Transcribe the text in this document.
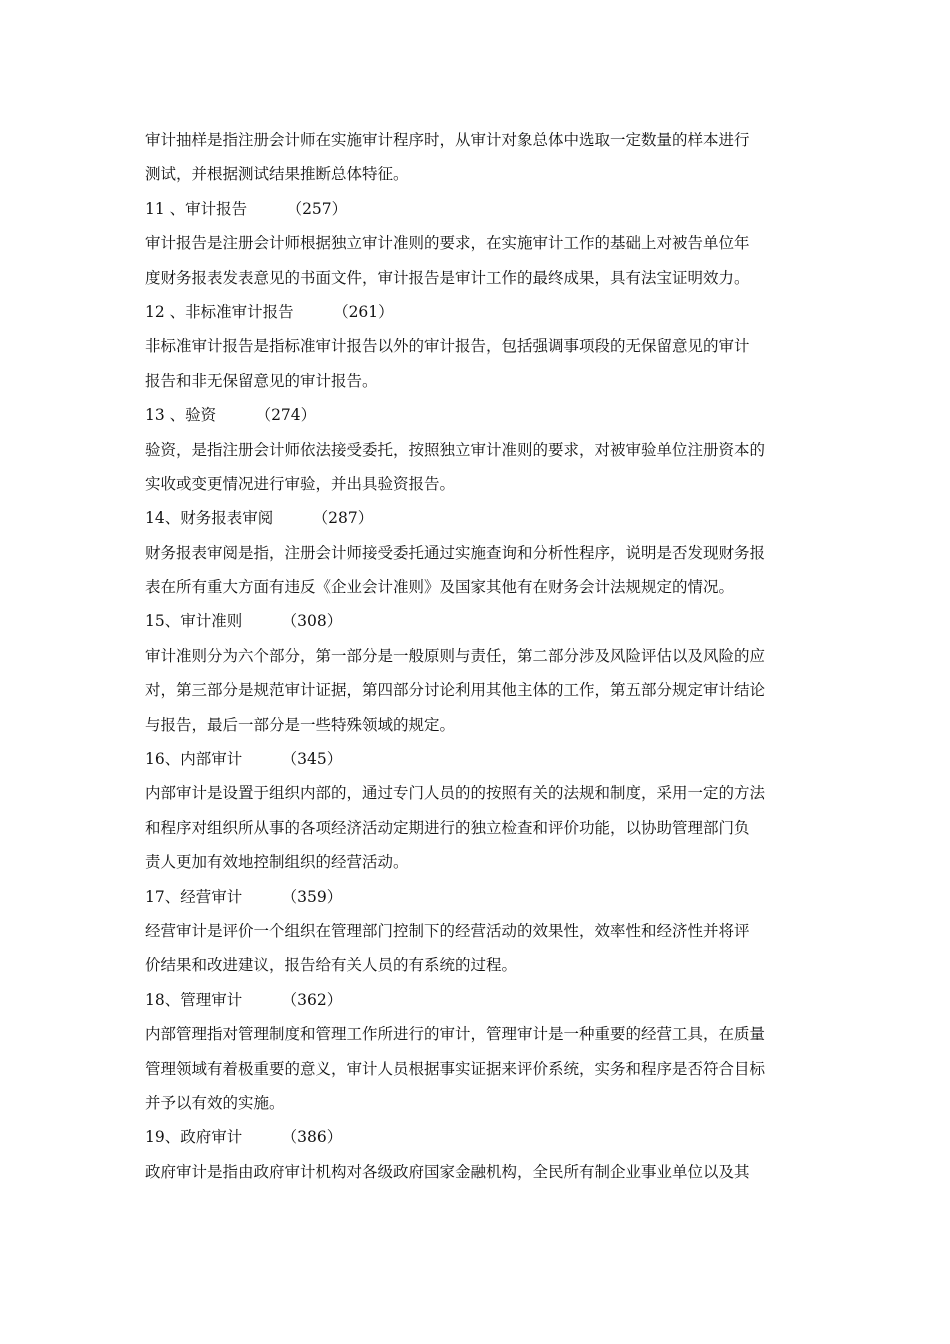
审计抽样是指注册会计师在实施审计程序时，从审计对象总体中选取一定数量的样本进行
测试，并根据测试结果推断总体特征。
11 、审计报告        （257）
审计报告是注册会计师根据独立审计准则的要求，在实施审计工作的基础上对被告单位年
度财务报表发表意见的书面文件，审计报告是审计工作的最终成果，具有法宝证明效力。
12 、非标准审计报告        （261）
非标准审计报告是指标准审计报告以外的审计报告，包括强调事项段的无保留意见的审计
报告和非无保留意见的审计报告。
13 、验资        （274）
验资，是指注册会计师依法接受委托，按照独立审计准则的要求，对被审验单位注册资本的
实收或变更情况进行审验，并出具验资报告。
14、财务报表审阅        （287）
财务报表审阅是指，注册会计师接受委托通过实施查询和分析性程序，说明是否发现财务报
表在所有重大方面有违反《企业会计准则》及国家其他有在财务会计法规规定的情况。
15、审计准则        （308）
审计准则分为六个部分，第一部分是一般原则与责任，第二部分涉及风险评估以及风险的应
对，第三部分是规范审计证据，第四部分讨论利用其他主体的工作，第五部分规定审计结论
与报告，最后一部分是一些特殊领域的规定。
16、内部审计        （345）
内部审计是设置于组织内部的，通过专门人员的的按照有关的法规和制度，采用一定的方法
和程序对组织所从事的各项经济活动定期进行的独立检查和评价功能，以协助管理部门负
责人更加有效地控制组织的经营活动。
17、经营审计        （359）
经营审计是评价一个组织在管理部门控制下的经营活动的效果性，效率性和经济性并将评
价结果和改进建议，报告给有关人员的有系统的过程。
18、管理审计        （362）
内部管理指对管理制度和管理工作所进行的审计，管理审计是一种重要的经营工具，在质量
管理领域有着极重要的意义，审计人员根据事实证据来评价系统，实务和程序是否符合目标
并予以有效的实施。
19、政府审计        （386）
政府审计是指由政府审计机构对各级政府国家金融机构，全民所有制企业事业单位以及其
